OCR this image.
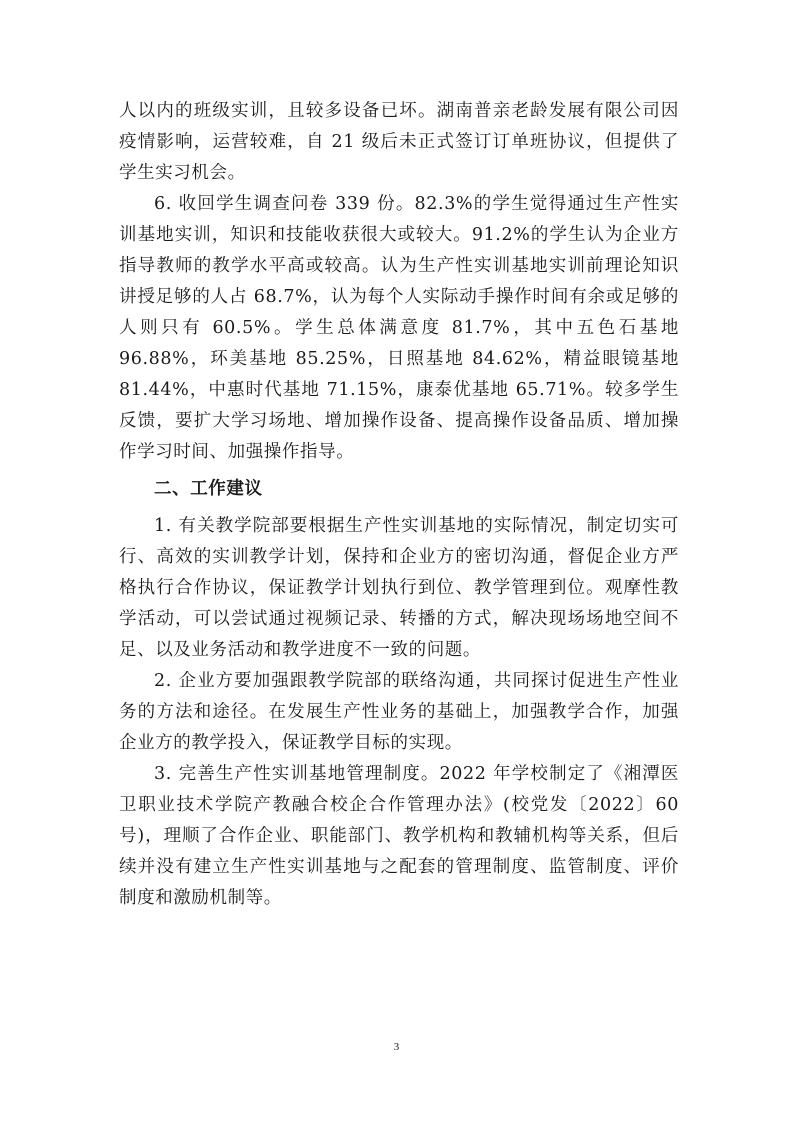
人以内的班级实训，且较多设备已坏。湖南普亲老龄发展有限公司因疫情影响，运营较难，自 21 级后未正式签订订单班协议，但提供了学生实习机会。

6. 收回学生调查问卷 339 份。82.3%的学生觉得通过生产性实训基地实训，知识和技能收获很大或较大。91.2%的学生认为企业方指导教师的教学水平高或较高。认为生产性实训基地实训前理论知识讲授足够的人占 68.7%，认为每个人实际动手操作时间有余或足够的人则只有 60.5%。学生总体满意度 81.7%，其中五色石基地 96.88%，环美基地 85.25%，日照基地 84.62%，精益眼镜基地 81.44%，中惠时代基地 71.15%，康泰优基地 65.71%。较多学生反馈，要扩大学习场地、增加操作设备、提高操作设备品质、增加操作学习时间、加强操作指导。

二、工作建议

1. 有关教学院部要根据生产性实训基地的实际情况，制定切实可行、高效的实训教学计划，保持和企业方的密切沟通，督促企业方严格执行合作协议，保证教学计划执行到位、教学管理到位。观摩性教学活动，可以尝试通过视频记录、转播的方式，解决现场场地空间不足、以及业务活动和教学进度不一致的问题。

2. 企业方要加强跟教学院部的联络沟通，共同探讨促进生产性业务的方法和途径。在发展生产性业务的基础上，加强教学合作，加强企业方的教学投入，保证教学目标的实现。

3. 完善生产性实训基地管理制度。2022 年学校制定了《湘潭医卫职业技术学院产教融合校企合作管理办法》(校党发〔2022〕60 号)，理顺了合作企业、职能部门、教学机构和教辅机构等关系，但后续并没有建立生产性实训基地与之配套的管理制度、监管制度、评价制度和激励机制等。

3
